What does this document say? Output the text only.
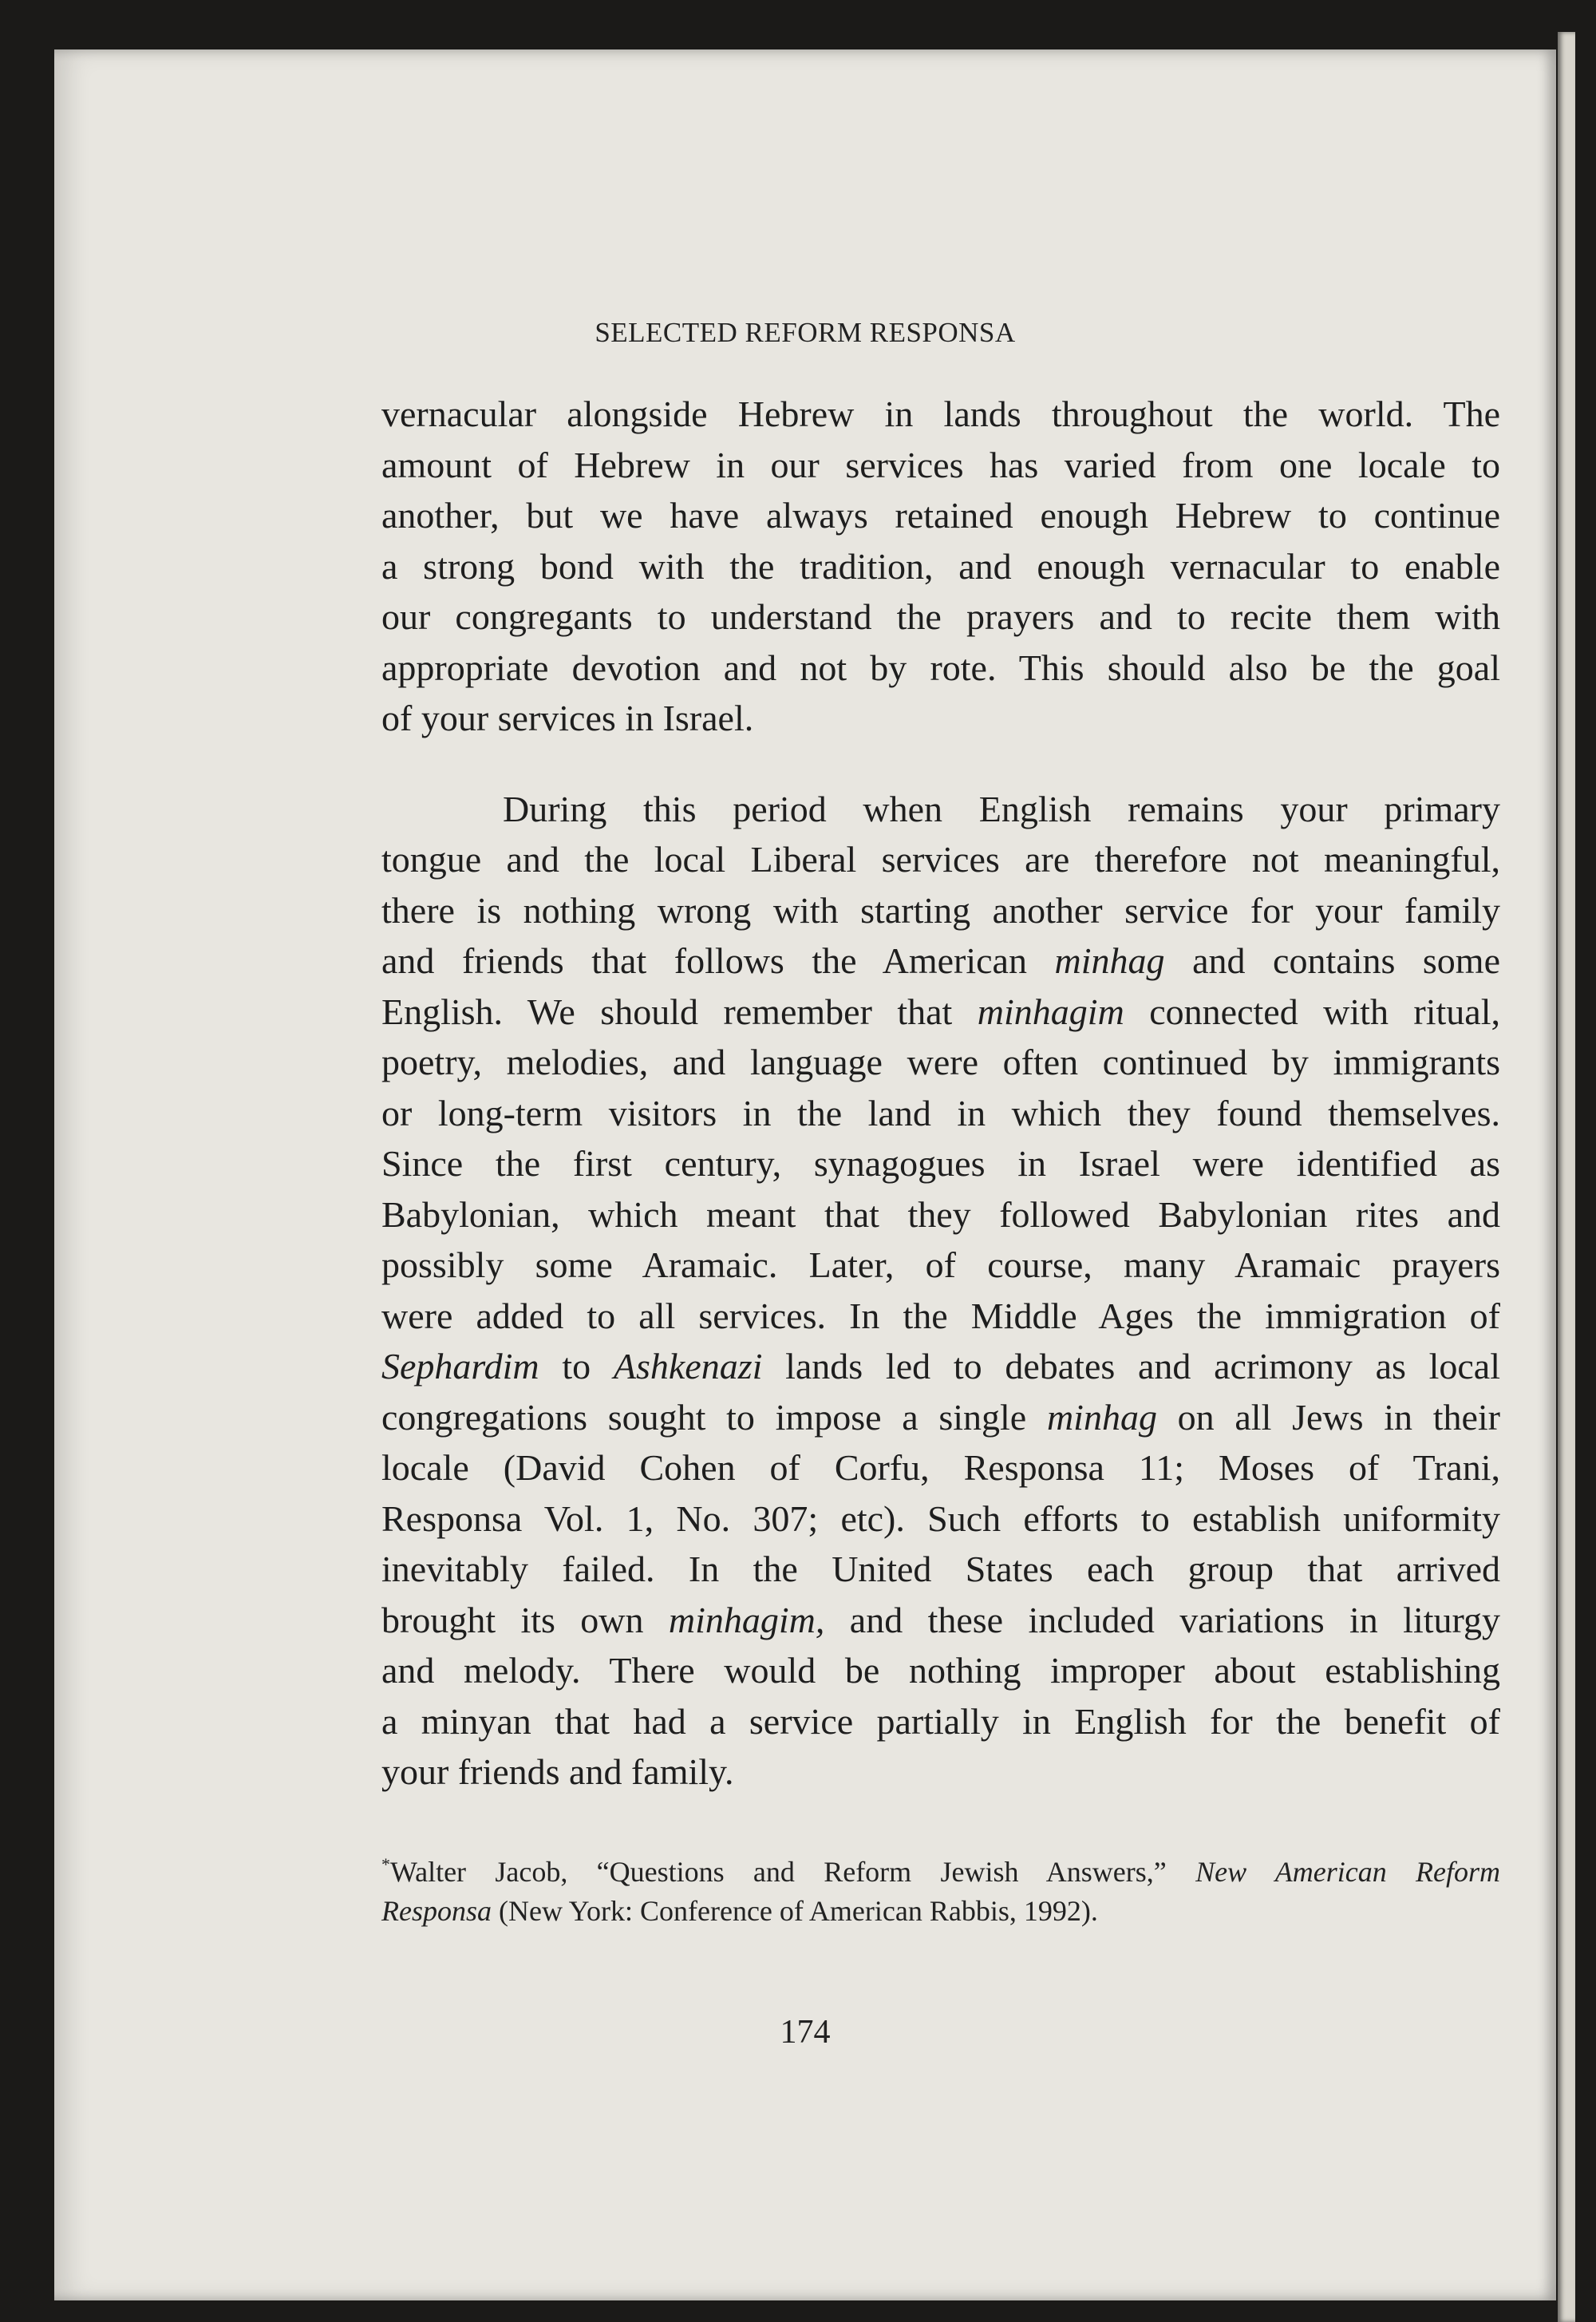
SELECTED REFORM RESPONSA
vernacular alongside Hebrew in lands throughout the world. The
amount of Hebrew in our services has varied from one locale to
another, but we have always retained enough Hebrew to continue
a strong bond with the tradition, and enough vernacular to enable
our congregants to understand the prayers and to recite them with
appropriate devotion and not by rote. This should also be the goal
of your services in Israel.
During this period when English remains your primary
tongue and the local Liberal services are therefore not meaningful,
there is nothing wrong with starting another service for your family
and friends that follows the American minhag and contains some
English. We should remember that minhagim connected with ritual,
poetry, melodies, and language were often continued by immigrants
or long-term visitors in the land in which they found themselves.
Since the first century, synagogues in Israel were identified as
Babylonian, which meant that they followed Babylonian rites and
possibly some Aramaic. Later, of course, many Aramaic prayers
were added to all services. In the Middle Ages the immigration of
Sephardim to Ashkenazi lands led to debates and acrimony as local
congregations sought to impose a single minhag on all Jews in their
locale (David Cohen of Corfu, Responsa 11; Moses of Trani,
Responsa Vol. 1, No. 307; etc). Such efforts to establish uniformity
inevitably failed. In the United States each group that arrived
brought its own minhagim, and these included variations in liturgy
and melody. There would be nothing improper about establishing
a minyan that had a service partially in English for the benefit of
your friends and family.
*Walter Jacob, “Questions and Reform Jewish Answers,” New American Reform
Responsa (New York: Conference of American Rabbis, 1992).
174
